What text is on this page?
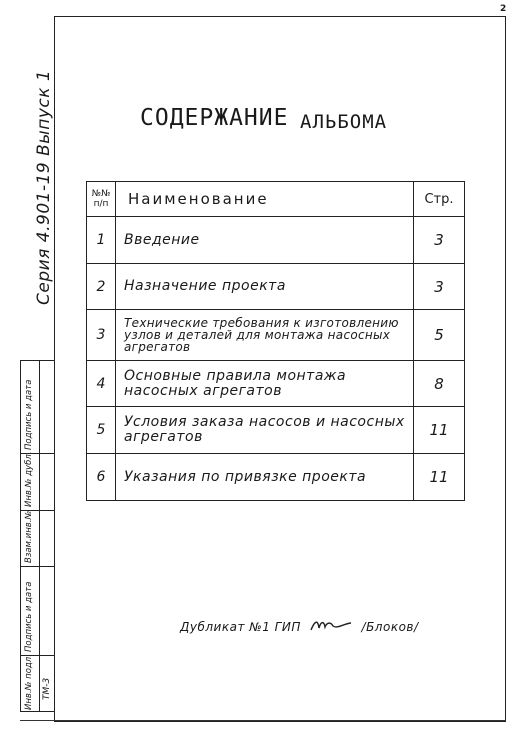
2
СОДЕРЖАНИЕ АЛЬБОМА
№№ п/п	Наименование	Стр.
1	Введение	3
2	Назначение проекта	3
3	Технические требования к изготовлению узлов и деталей для монтажа насосных агрегатов	5
4	Основные правила монтажа насосных агрегатов	8
5	Условия заказа насосов и насосных агрегатов	11
6	Указания по привязке проекта	11
Серия 4.901-19 Выпуск 1
Подпись и дата
Инв.№ дубл.
Взам.инв.№
Подпись и дата
Инв.№ подл. ТМ-3
Дубликат №1 ГИП	/Блоков/
